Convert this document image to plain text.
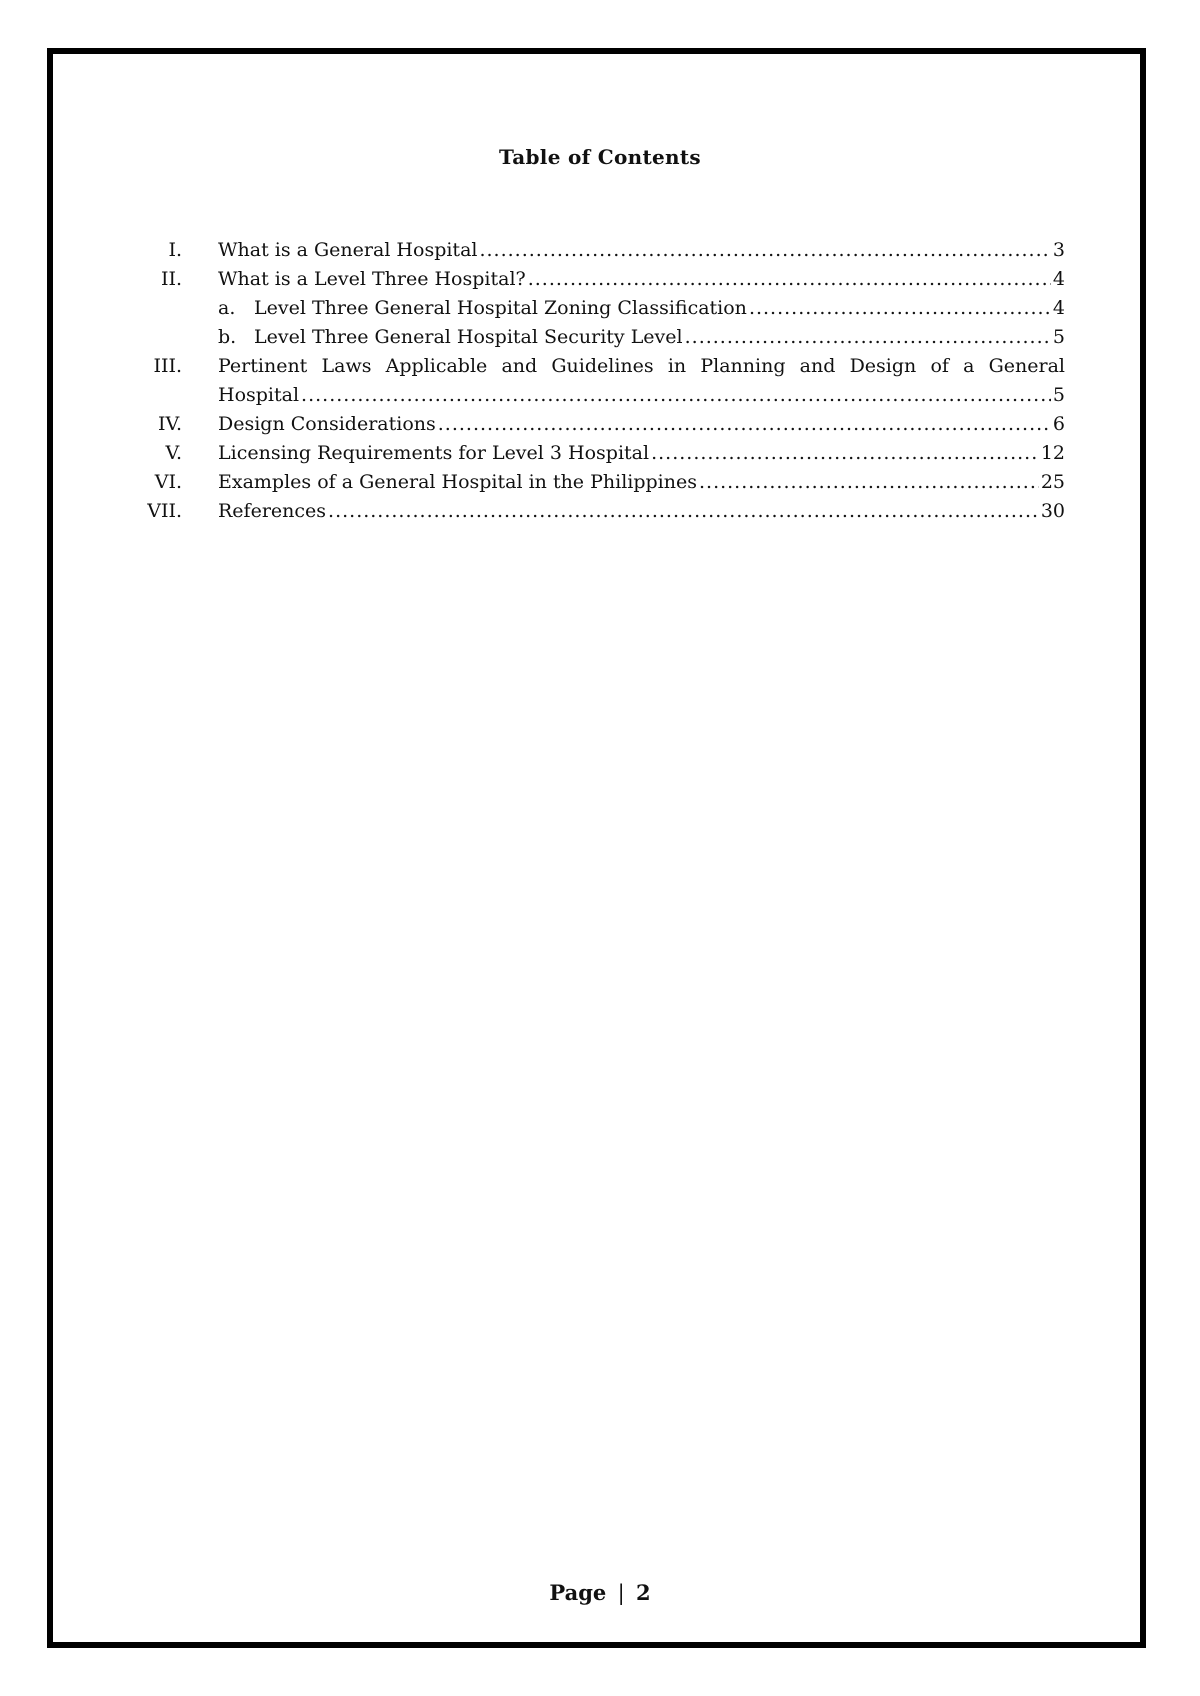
Table of Contents
I. What is a General Hospital .....	3
II. What is a Level Three Hospital? .....	4
a. Level Three General Hospital Zoning Classification .....	4
b. Level Three General Hospital Security Level .....	5
III. Pertinent Laws Applicable and Guidelines in Planning and Design of a General
Hospital .....	5
IV. Design Considerations .....	6
V. Licensing Requirements for Level 3 Hospital .....	12
VI. Examples of a General Hospital in the Philippines .....	25
VII. References .....	30
Page | 2
